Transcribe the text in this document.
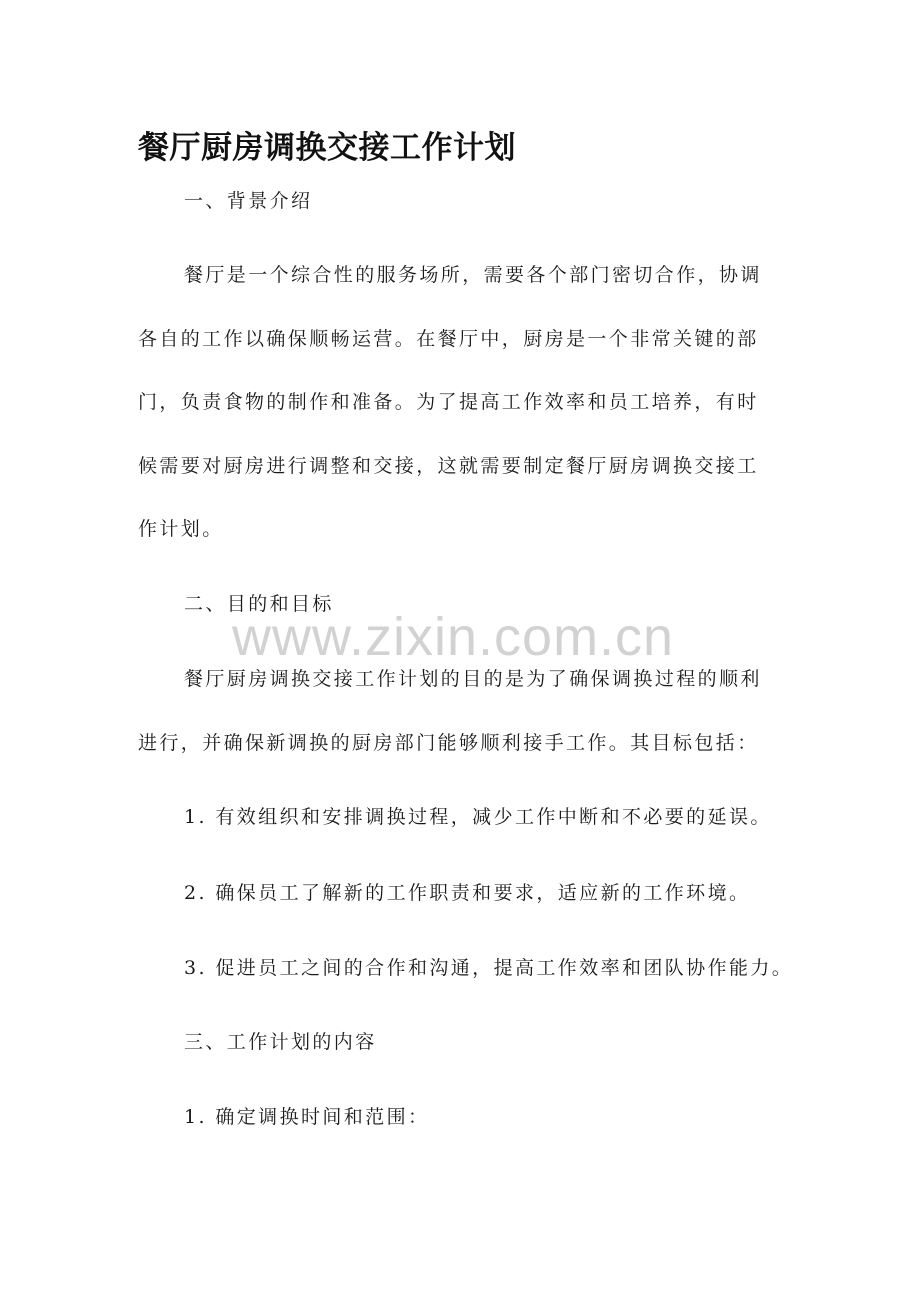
餐厅厨房调换交接工作计划
一、背景介绍
餐厅是一个综合性的服务场所，需要各个部门密切合作，协调
各自的工作以确保顺畅运营。在餐厅中，厨房是一个非常关键的部
门，负责食物的制作和准备。为了提高工作效率和员工培养，有时
候需要对厨房进行调整和交接，这就需要制定餐厅厨房调换交接工
作计划。
二、目的和目标
www.zixin.com.cn
餐厅厨房调换交接工作计划的目的是为了确保调换过程的顺利
进行，并确保新调换的厨房部门能够顺利接手工作。其目标包括：
1. 有效组织和安排调换过程，减少工作中断和不必要的延误。
2. 确保员工了解新的工作职责和要求，适应新的工作环境。
3. 促进员工之间的合作和沟通，提高工作效率和团队协作能力。
三、工作计划的内容
1. 确定调换时间和范围：
